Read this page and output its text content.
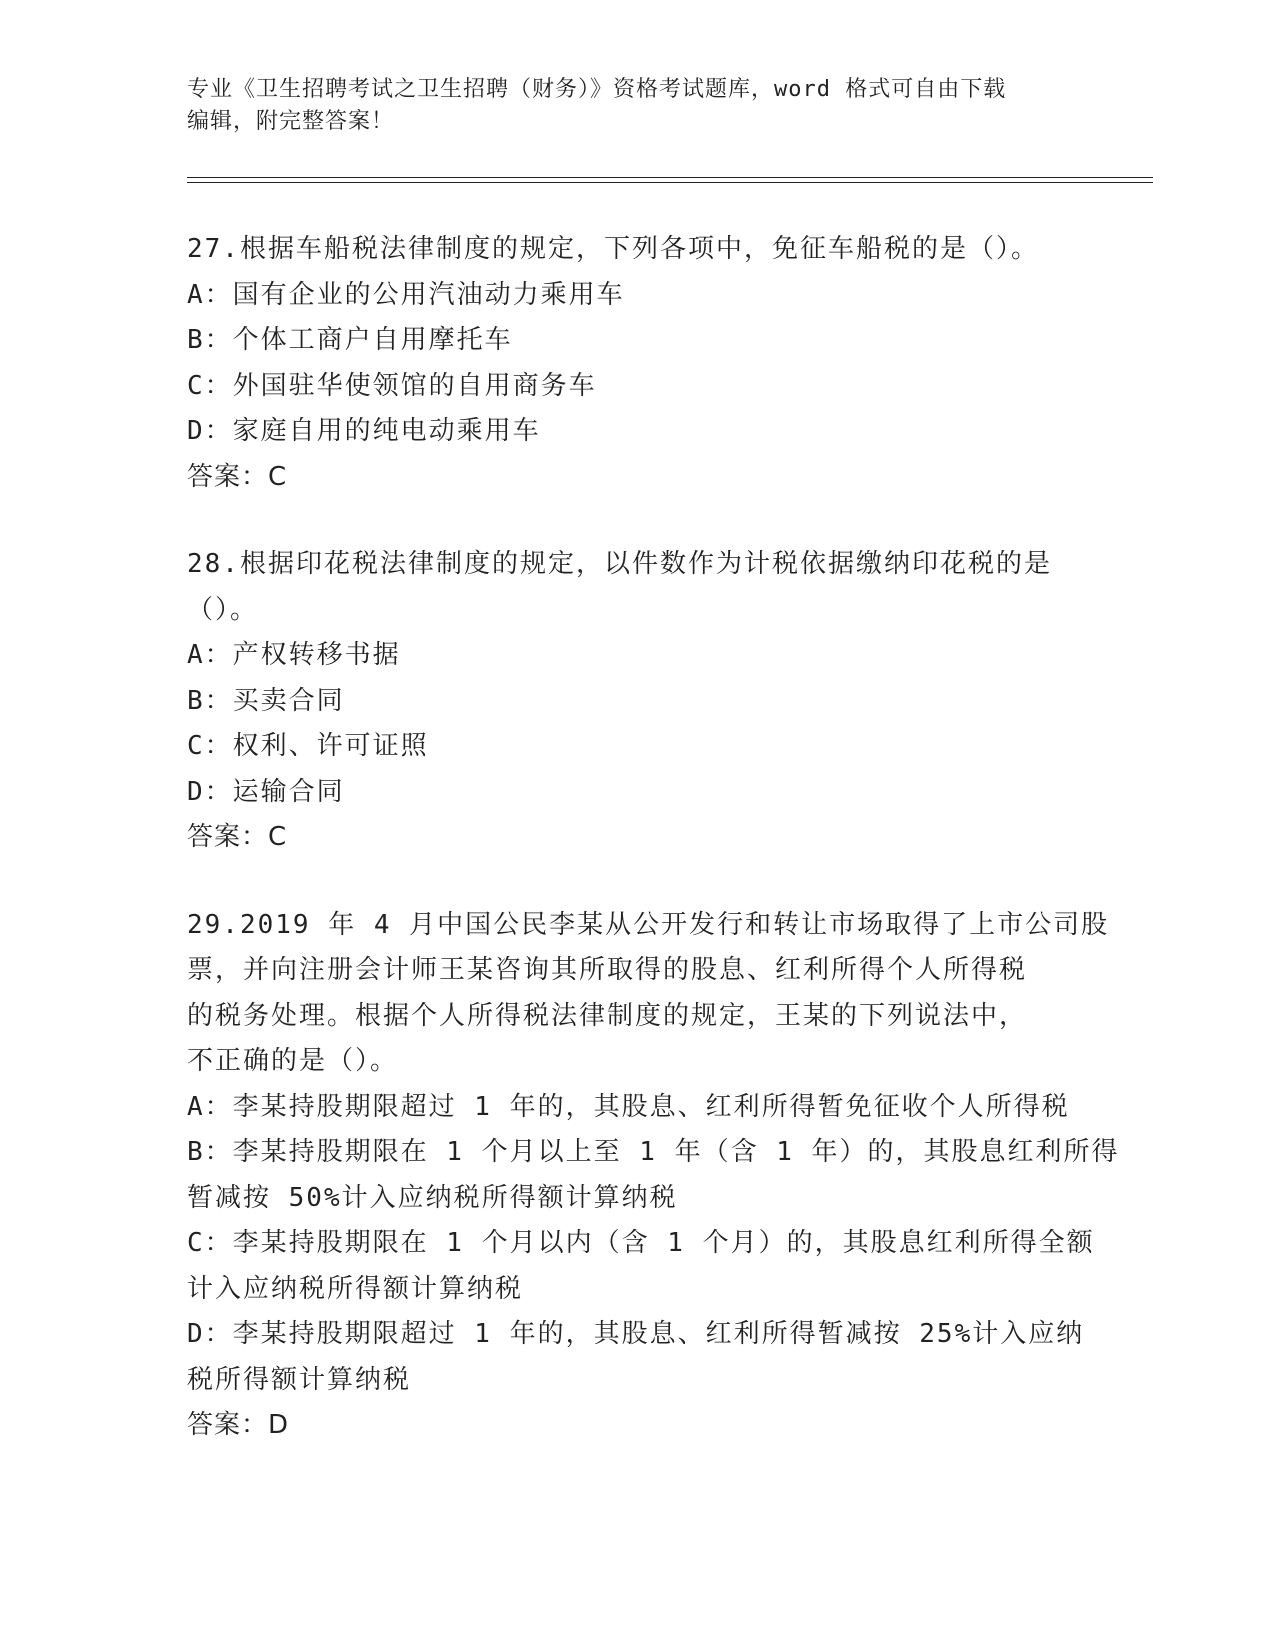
专业《卫生招聘考试之卫生招聘（财务）》资格考试题库，word 格式可自由下载
编辑，附完整答案！
27.根据车船税法律制度的规定，下列各项中，免征车船税的是（）。
A：国有企业的公用汽油动力乘用车
B：个体工商户自用摩托车
C：外国驻华使领馆的自用商务车
D：家庭自用的纯电动乘用车
答案：C
28.根据印花税法律制度的规定，以件数作为计税依据缴纳印花税的是
（）。
A：产权转移书据
B：买卖合同
C：权利、许可证照
D：运输合同
答案：C
29.2019 年 4 月中国公民李某从公开发行和转让市场取得了上市公司股
票，并向注册会计师王某咨询其所取得的股息、红利所得个人所得税
的税务处理。根据个人所得税法律制度的规定，王某的下列说法中，
不正确的是（）。
A：李某持股期限超过 1 年的，其股息、红利所得暂免征收个人所得税
B：李某持股期限在 1 个月以上至 1 年（含 1 年）的，其股息红利所得
暂减按 50%计入应纳税所得额计算纳税
C：李某持股期限在 1 个月以内（含 1 个月）的，其股息红利所得全额
计入应纳税所得额计算纳税
D：李某持股期限超过 1 年的，其股息、红利所得暂减按 25%计入应纳
税所得额计算纳税
答案：D
